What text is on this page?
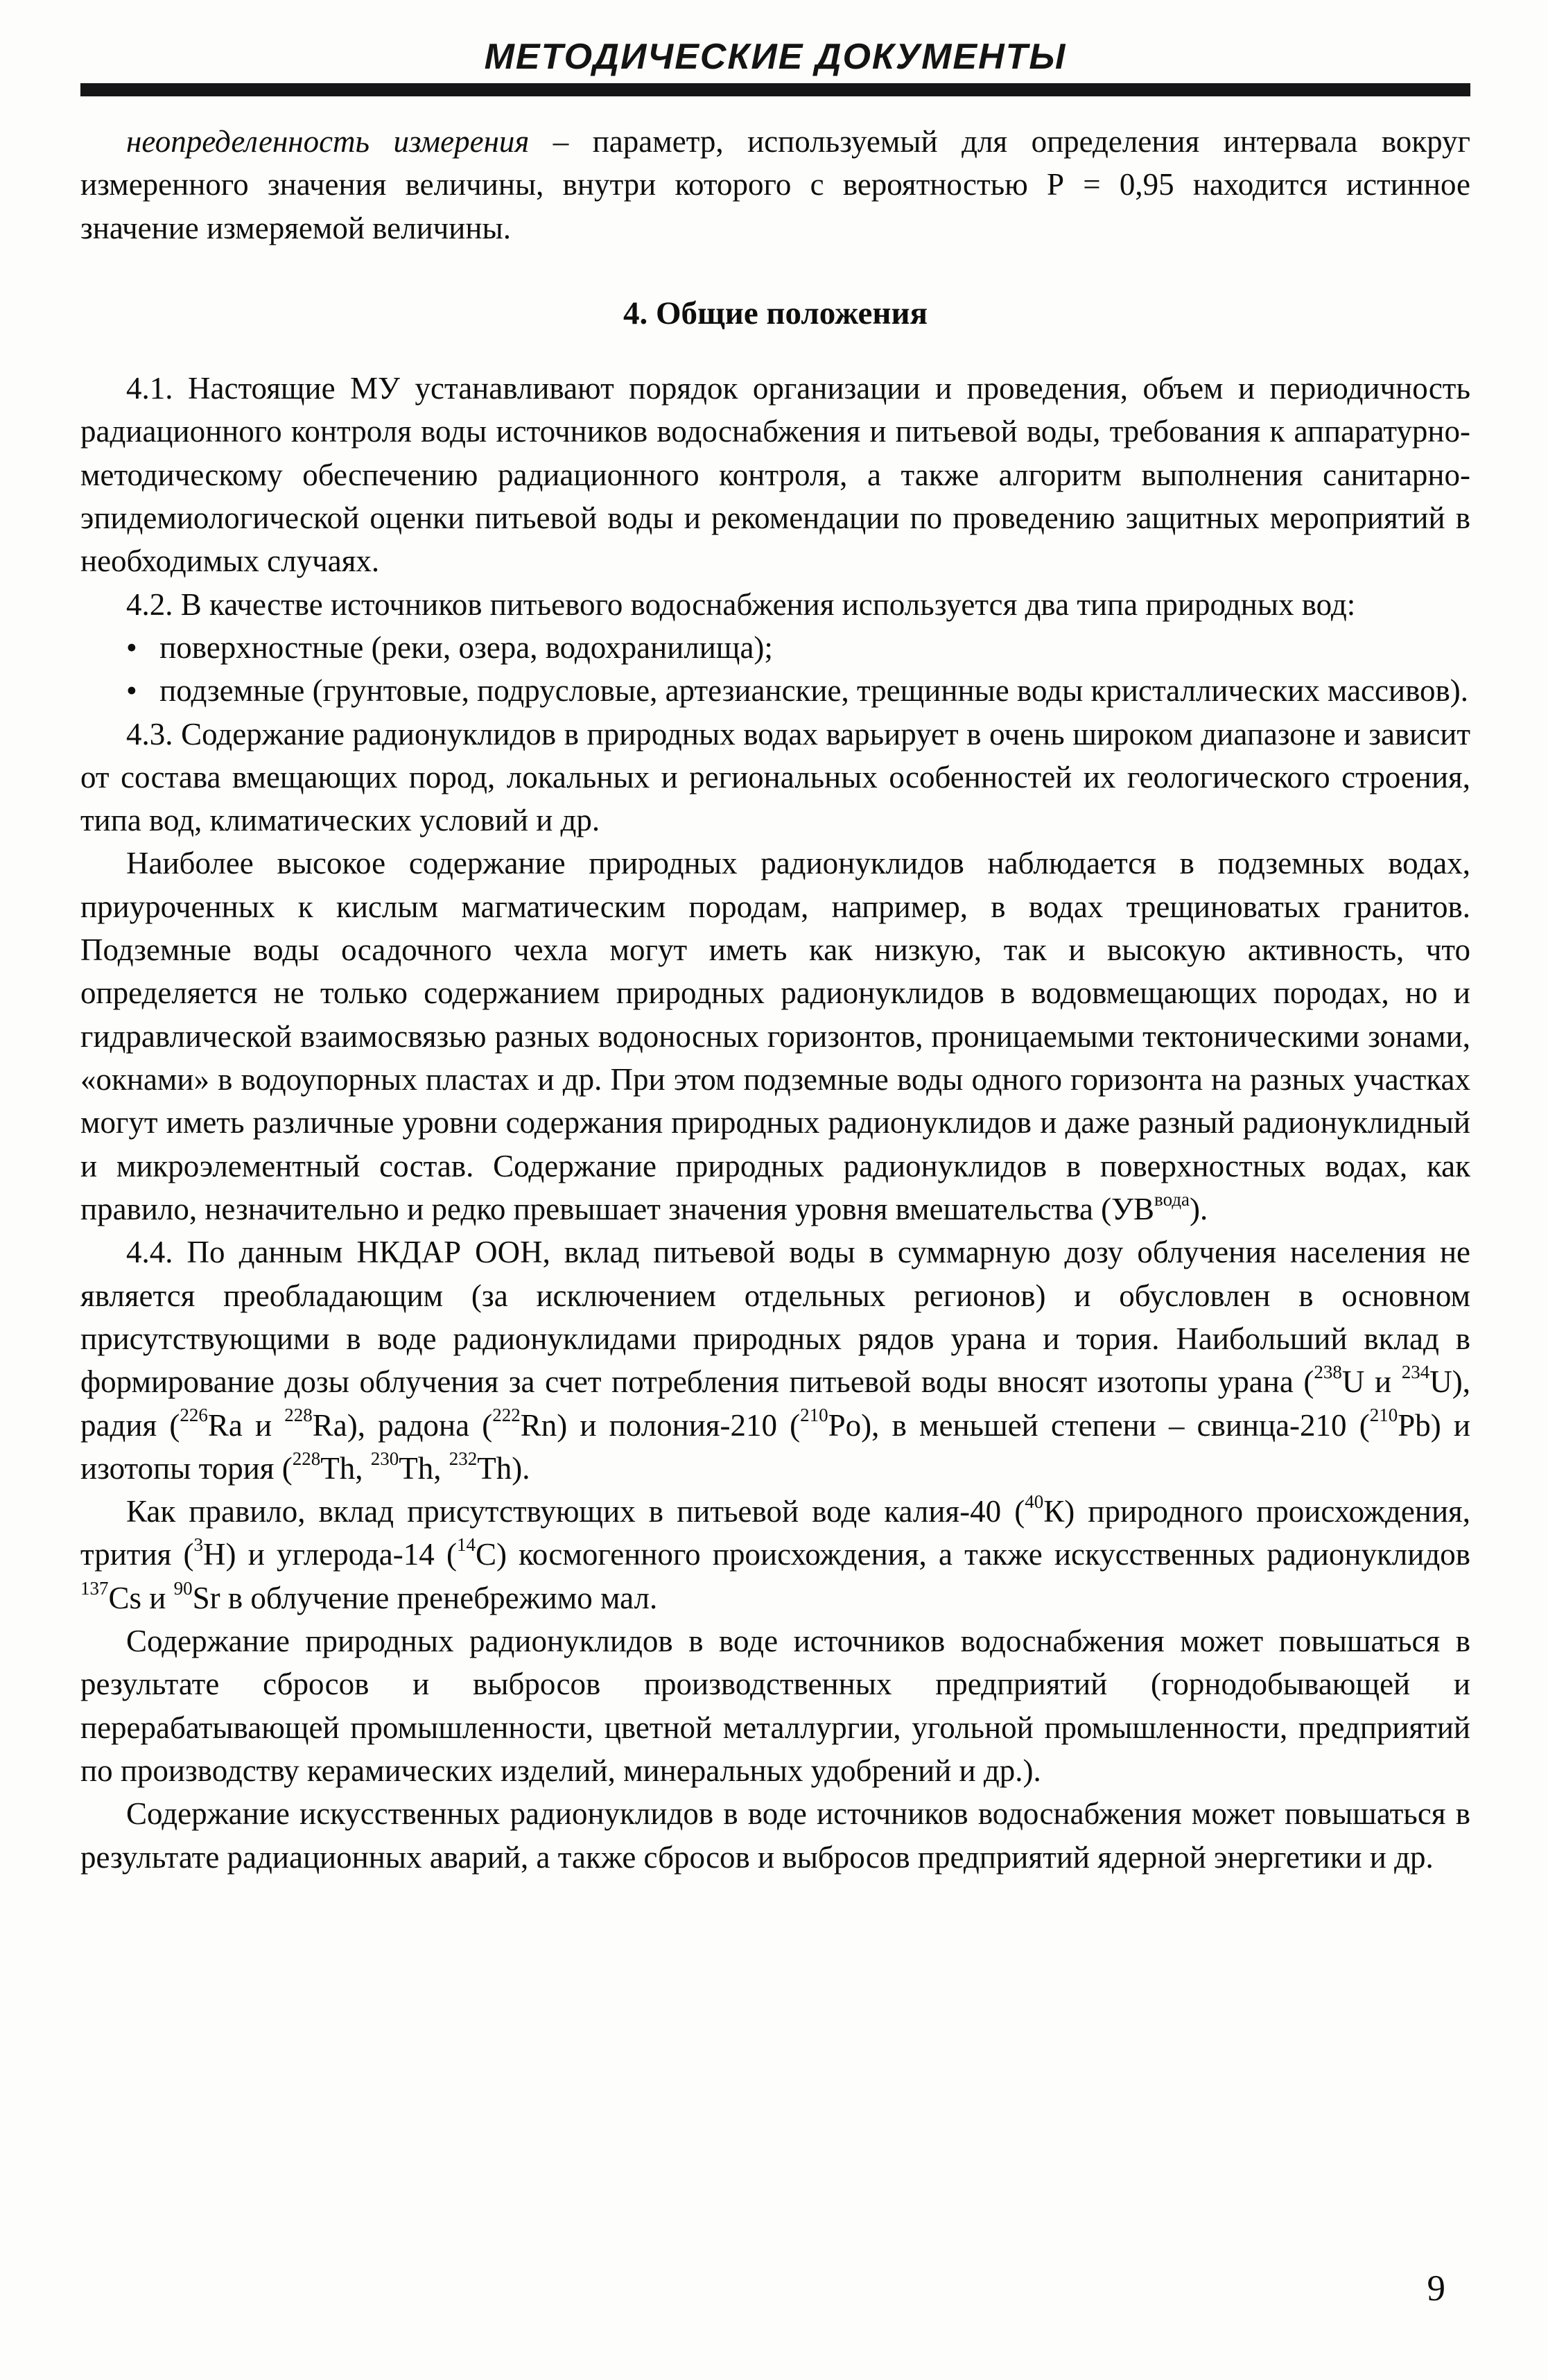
МЕТОДИЧЕСКИЕ ДОКУМЕНТЫ

неопределенность измерения – параметр, используемый для определения интервала вокруг измеренного значения величины, внутри которого с вероятностью Р = 0,95 находится истинное значение измеряемой величины.

4. Общие положения

4.1. Настоящие МУ устанавливают порядок организации и проведения, объем и периодичность радиационного контроля воды источников водоснабжения и питьевой воды, требования к аппаратурно-методическому обеспечению радиационного контроля, а также алгоритм выполнения санитарно-эпидемиологической оценки питьевой воды и рекомендации по проведению защитных мероприятий в необходимых случаях.

4.2. В качестве источников питьевого водоснабжения используется два типа природных вод:

• поверхностные (реки, озера, водохранилища);

• подземные (грунтовые, подрусловые, артезианские, трещинные воды кристаллических массивов).

4.3. Содержание радионуклидов в природных водах варьирует в очень широком диапазоне и зависит от состава вмещающих пород, локальных и региональных особенностей их геологического строения, типа вод, климатических условий и др.

Наиболее высокое содержание природных радионуклидов наблюдается в подземных водах, приуроченных к кислым магматическим породам, например, в водах трещиноватых гранитов. Подземные воды осадочного чехла могут иметь как низкую, так и высокую активность, что определяется не только содержанием природных радионуклидов в водовмещающих породах, но и гидравлической взаимосвязью разных водоносных горизонтов, проницаемыми тектоническими зонами, «окнами» в водоупорных пластах и др. При этом подземные воды одного горизонта на разных участках могут иметь различные уровни содержания природных радионуклидов и даже разный радионуклидный и микроэлементный состав. Содержание природных радионуклидов в поверхностных водах, как правило, незначительно и редко превышает значения уровня вмешательства $(УВ^{вода})$.

4.4. По данным НКДАР ООН, вклад питьевой воды в суммарную дозу облучения населения не является преобладающим (за исключением отдельных регионов) и обусловлен в основном присутствующими в воде радионуклидами природных рядов урана и тория. Наибольший вклад в формирование дозы облучения за счет потребления питьевой воды вносят изотопы урана ($^{238}$U и $^{234}$U), радия ($^{226}$Ra и $^{228}$Ra), радона ($^{222}$Rn) и полония-210 ($^{210}$Po), в меньшей степени – свинца-210 ($^{210}$Pb) и изотопы тория ($^{228}$Th, $^{230}$Th, $^{232}$Th).

Как правило, вклад присутствующих в питьевой воде калия-40 ($^{40}$К) природного происхождения, трития ($^3$Н) и углерода-14 ($^{14}$С) космогенного происхождения, а также искусственных радионуклидов $^{137}$Cs и $^{90}$Sr в облучение пренебрежимо мал.

Содержание природных радионуклидов в воде источников водоснабжения может повышаться в результате сбросов и выбросов производственных предприятий (горнодобывающей и перерабатывающей промышленности, цветной металлургии, угольной промышленности, предприятий по производству керамических изделий, минеральных удобрений и др.).

Содержание искусственных радионуклидов в воде источников водоснабжения может повышаться в результате радиационных аварий, а также сбросов и выбросов предприятий ядерной энергетики и др.

9
